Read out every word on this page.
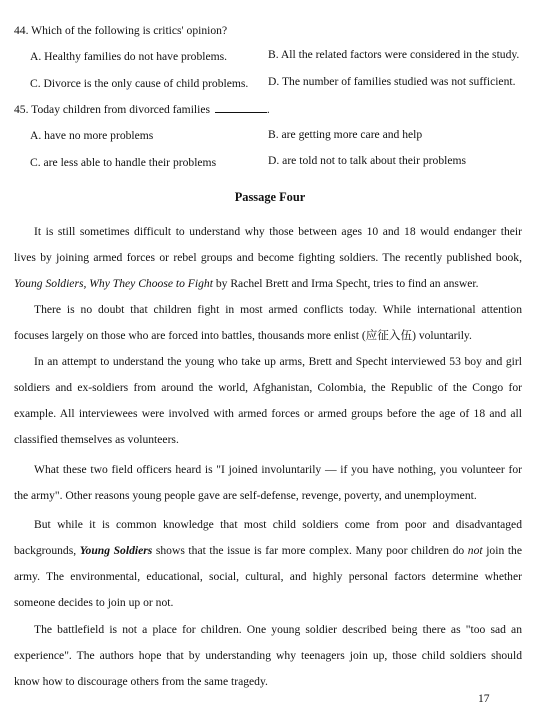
44. Which of the following is critics' opinion?
A. Healthy families do not have problems.	B. All the related factors were considered in the study.
C. Divorce is the only cause of child problems. D. The number of families studied was not sufficient.
45. Today children from divorced families	.
A. have no more problems	B. are getting more care and help
C. are less able to handle their problems	D. are told not to talk about their problems
Passage Four
It is still sometimes difficult to understand why those between ages 10 and 18 would endanger their
lives by joining armed forces or rebel groups and become fighting soldiers. The recently published book,
Young Soldiers, Why They Choose to Fight by Rachel Brett and Irma Specht, tries to find an answer.
There is no doubt that children fight in most armed conflicts today. While international attention
focuses largely on those who are forced into battles, thousands more enlist (应征入伍) voluntarily.
In an attempt to understand the young who take up arms, Brett and Specht interviewed 53 boy and girl
soldiers and ex-soldiers from around the world, Afghanistan, Colombia, the Republic of the Congo for
example. All interviewees were involved with armed forces or armed groups before the age of 18 and all
classified themselves as volunteers.
What these two field officers heard is "I joined involuntarily — if you have nothing, you volunteer for
the army". Other reasons young people gave are self-defense, revenge, poverty, and unemployment.
But while it is common knowledge that most child soldiers come from poor and disadvantaged
backgrounds, Young Soldiers shows that the issue is far more complex. Many poor children do not join the
army. The environmental, educational, social, cultural, and highly personal factors determine whether
someone decides to join up or not.
The battlefield is not a place for children. One young soldier described being there as "too sad an
experience". The authors hope that by understanding why teenagers join up, those child soldiers should
know how to discourage others from the same tragedy.
17
